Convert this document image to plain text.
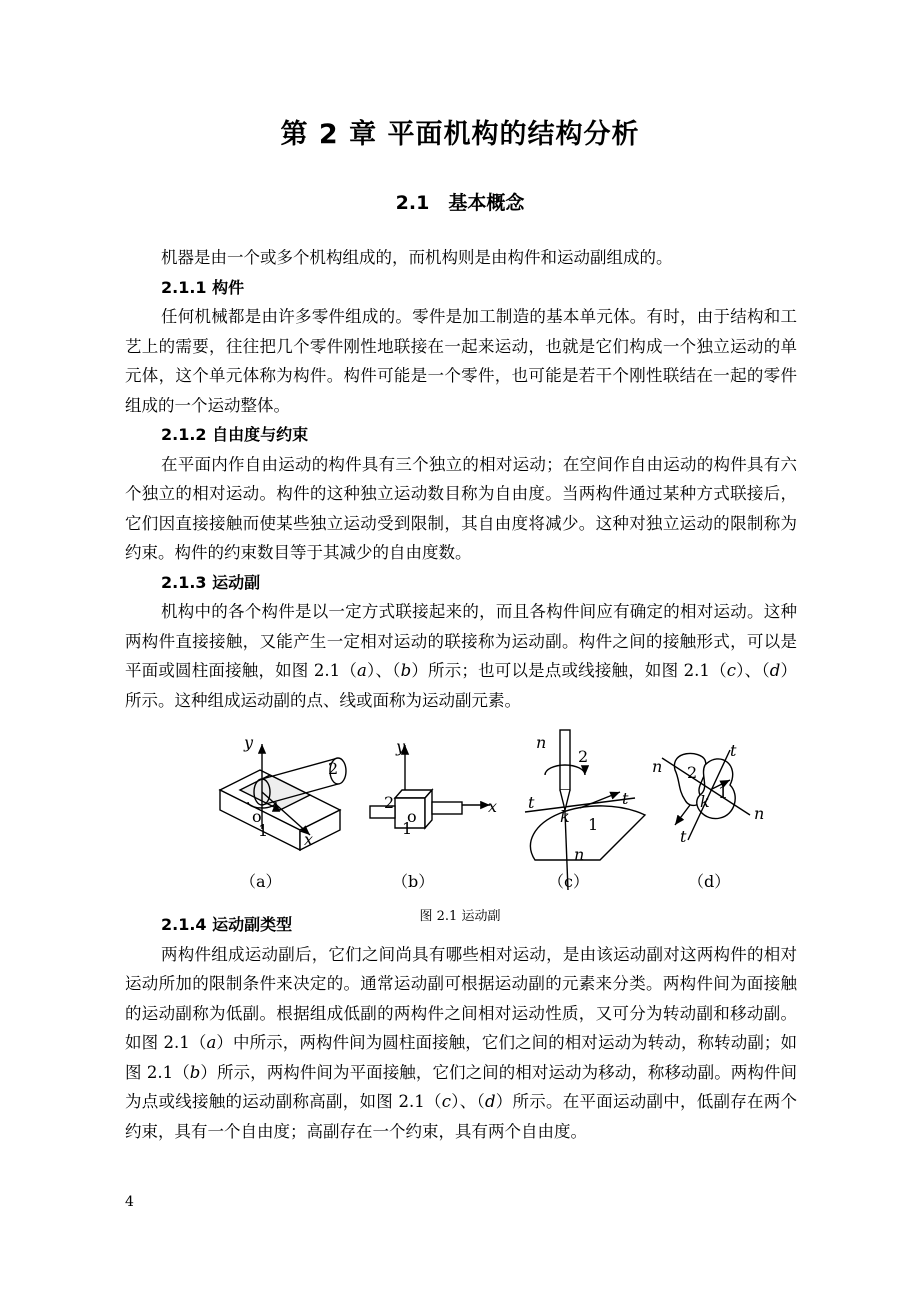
第 2 章 平面机构的结构分析
2.1　基本概念

机器是由一个或多个机构组成的，而机构则是由构件和运动副组成的。

2.1.1 构件

任何机械都是由许多零件组成的。零件是加工制造的基本单元体。有时，由于结构和工艺上的需要，往往把几个零件刚性地联接在一起来运动，也就是它们构成一个独立运动的单元体，这个单元体称为构件。构件可能是一个零件，也可能是若干个刚性联结在一起的零件组成的一个运动整体。

2.1.2 自由度与约束

在平面内作自由运动的构件具有三个独立的相对运动；在空间作自由运动的构件具有六个独立的相对运动。构件的这种独立运动数目称为自由度。当两构件通过某种方式联接后，它们因直接接触而使某些独立运动受到限制，其自由度将减少。这种对独立运动的限制称为约束。构件的约束数目等于其减少的自由度数。

2.1.3 运动副

机构中的各个构件是以一定方式联接起来的，而且各构件间应有确定的相对运动。这种两构件直接接触，又能产生一定相对运动的联接称为运动副。构件之间的接触形式，可以是平面或圆柱面接触，如图 2.1（a）、（b）所示；也可以是点或线接触，如图 2.1（c）、（d）所示。这种组成运动副的点、线或面称为运动副元素。

y
x
o
1
2
（a）
y
x
2
o
1
（b）
n
2
t	t
k 1
n
（c）
n
t
2
1
k
n
t
（d）

图 2.1 运动副

2.1.4 运动副类型

两构件组成运动副后，它们之间尚具有哪些相对运动，是由该运动副对这两构件的相对运动所加的限制条件来决定的。通常运动副可根据运动副的元素来分类。两构件间为面接触的运动副称为低副。根据组成低副的两构件之间相对运动性质，又可分为转动副和移动副。如图 2.1（a）中所示，两构件间为圆柱面接触，它们之间的相对运动为转动，称转动副；如图 2.1（b）所示，两构件间为平面接触，它们之间的相对运动为移动，称移动副。两构件间为点或线接触的运动副称高副，如图 2.1（c）、（d）所示。在平面运动副中，低副存在两个约束，具有一个自由度；高副存在一个约束，具有两个自由度。

4
